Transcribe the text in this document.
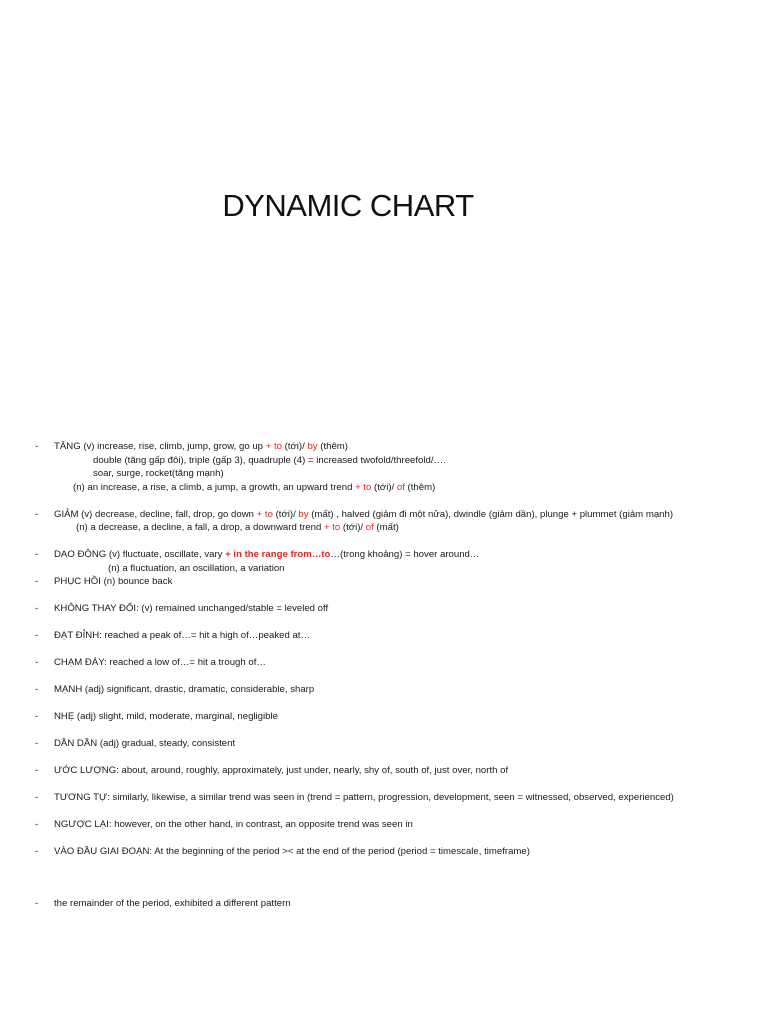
DYNAMIC CHART
- TĂNG (v) increase, rise, climb, jump, grow, go up + to (tới)/ by (thêm)
double (tăng gấp đôi), triple (gấp 3), quadruple (4) = increased twofold/threefold/….
soar, surge, rocket(tăng mạnh)
(n) an increase, a rise, a climb, a jump, a growth, an upward trend + to (tới)/ of (thêm)
- GIẢM (v) decrease, decline, fall, drop, go down + to (tới)/ by (mất) , halved (giảm đi một nửa), dwindle (giảm dần), plunge + plummet (giảm mạnh)
(n) a decrease, a decline, a fall, a drop, a downward trend + to (tới)/ of (mất)
- DAO ĐỘNG (v) fluctuate, oscillate, vary + in the range from…to…(trong khoảng) = hover around…
(n) a fluctuation, an oscillation, a variation
- PHỤC HỒI (n) bounce back
- KHÔNG THAY ĐỔI: (v) remained unchanged/stable = leveled off
- ĐẠT ĐỈNH: reached a peak of…= hit a high of…peaked at…
- CHẠM ĐÁY: reached a low of…= hit a trough of…
- MẠNH (adj) significant, drastic, dramatic, considerable, sharp
- NHẸ (adj) slight, mild, moderate, marginal, negligible
- DẦN DẦN (adj) gradual, steady, consistent
- ƯỚC LƯỢNG: about, around, roughly, approximately, just under, nearly, shy of, south of, just over, north of
- TƯƠNG TỰ: similarly, likewise, a similar trend was seen in (trend = pattern, progression, development, seen = witnessed, observed, experienced)
- NGƯỢC LẠI: however, on the other hand, in contrast, an opposite trend was seen in
- VÀO ĐẦU GIAI ĐOẠN: At the beginning of the period >< at the end of the period (period = timescale, timeframe)
- the remainder of the period, exhibited a different pattern
